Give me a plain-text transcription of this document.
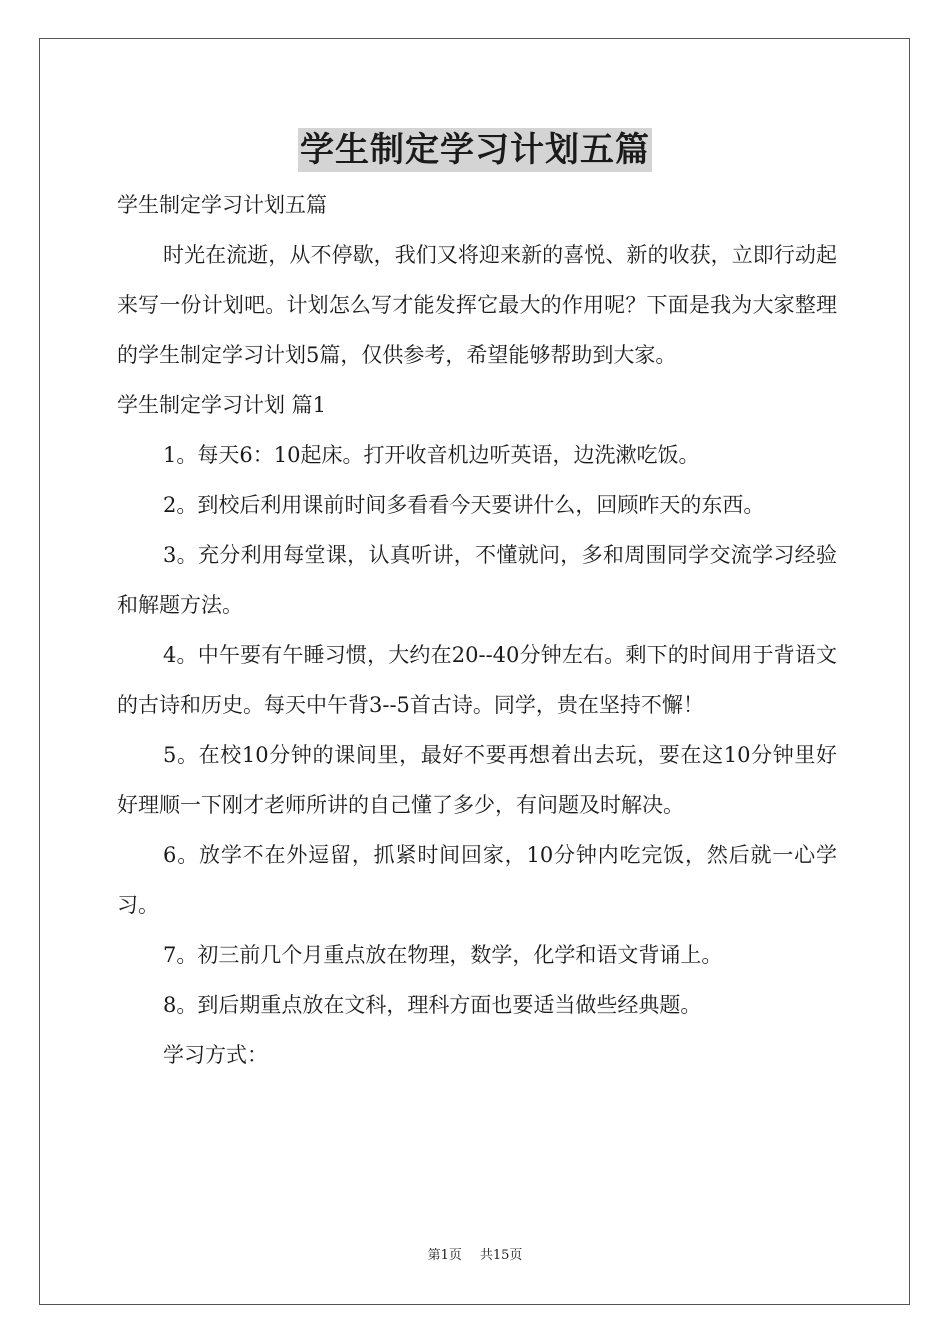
学生制定学习计划五篇

学生制定学习计划五篇

时光在流逝，从不停歇，我们又将迎来新的喜悦、新的收获，立即行动起来写一份计划吧。计划怎么写才能发挥它最大的作用呢？下面是我为大家整理的学生制定学习计划5篇，仅供参考，希望能够帮助到大家。

学生制定学习计划 篇1

1。每天6：10起床。打开收音机边听英语，边洗漱吃饭。

2。到校后利用课前时间多看看今天要讲什么，回顾昨天的东西。

3。充分利用每堂课，认真听讲，不懂就问，多和周围同学交流学习经验和解题方法。

4。中午要有午睡习惯，大约在20--40分钟左右。剩下的时间用于背语文的古诗和历史。每天中午背3--5首古诗。同学，贵在坚持不懈！

5。在校10分钟的课间里，最好不要再想着出去玩，要在这10分钟里好好理顺一下刚才老师所讲的自己懂了多少，有问题及时解决。

6。放学不在外逗留，抓紧时间回家，10分钟内吃完饭，然后就一心学习。

7。初三前几个月重点放在物理，数学，化学和语文背诵上。

8。到后期重点放在文科，理科方面也要适当做些经典题。

学习方式：

第1页 共15页
